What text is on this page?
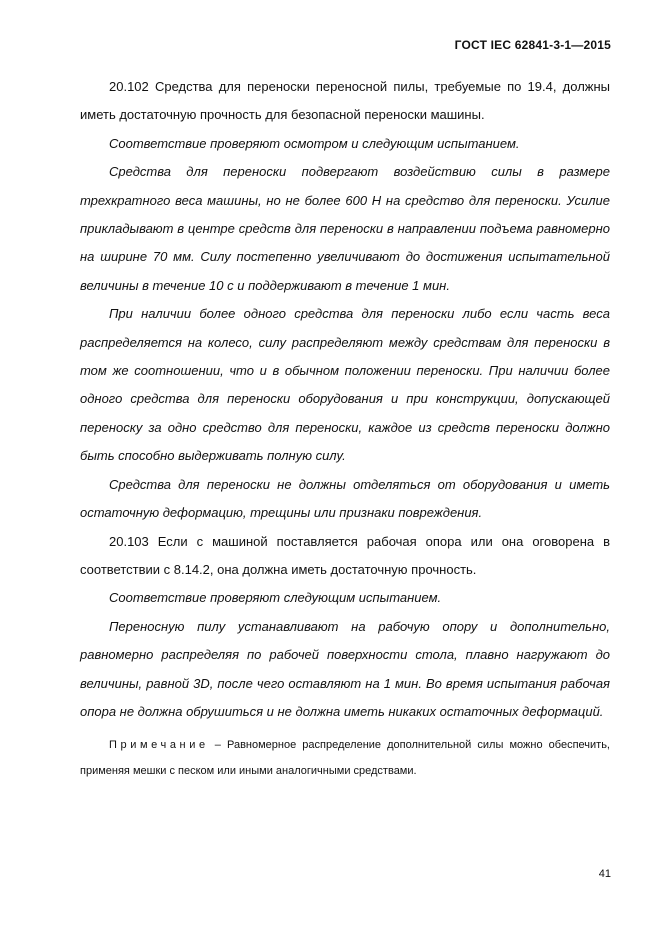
ГОСТ IEC 62841-3-1—2015

20.102 Средства для переноски переносной пилы, требуемые по 19.4, должны иметь достаточную прочность для безопасной переноски машины.

Соответствие проверяют осмотром и следующим испытанием.

Средства для переноски подвергают воздействию силы в размере трехкратного веса машины, но не более 600 Н на средство для переноски. Усилие прикладывают в центре средств для переноски в направлении подъема равномерно на ширине 70 мм. Силу постепенно увеличивают до достижения испытательной величины в течение 10 с и поддерживают в течение 1 мин.

При наличии более одного средства для переноски либо если часть веса распределяется на колесо, силу распределяют между средствам для переноски в том же соотношении, что и в обычном положении переноски. При наличии более одного средства для переноски оборудования и при конструкции, допускающей переноску за одно средство для переноски, каждое из средств переноски должно быть способно выдерживать полную силу.

Средства для переноски не должны отделяться от оборудования и иметь остаточную деформацию, трещины или признаки повреждения.

20.103 Если с машиной поставляется рабочая опора или она оговорена в соответствии с 8.14.2, она должна иметь достаточную прочность.

Соответствие проверяют следующим испытанием.

Переносную пилу устанавливают на рабочую опору и дополнительно, равномерно распределяя по рабочей поверхности стола, плавно нагружают до величины, равной 3D, после чего оставляют на 1 мин. Во время испытания рабочая опора не должна обрушиться и не должна иметь никаких остаточных деформаций.

Примечание – Равномерное распределение дополнительной силы можно обеспечить, применяя мешки с песком или иными аналогичными средствами.

41
